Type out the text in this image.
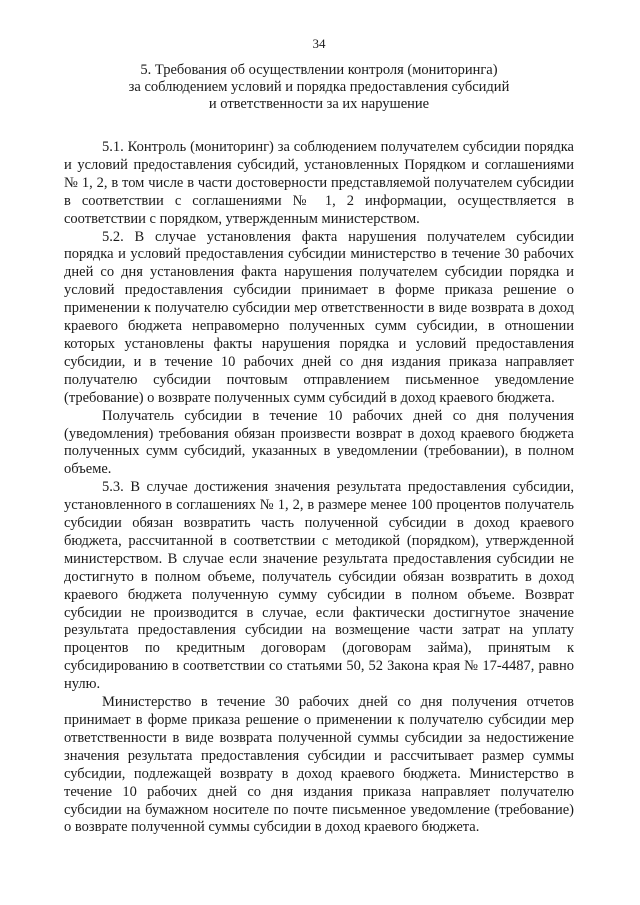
34
5. Требования об осуществлении контроля (мониторинга)
за соблюдением условий и порядка предоставления субсидий
и ответственности за их нарушение

5.1. Контроль (мониторинг) за соблюдением получателем субсидии порядка и условий предоставления субсидий, установленных Порядком и соглашениями № 1, 2, в том числе в части достоверности представляемой получателем субсидии в соответствии с соглашениями № 1, 2 информации, осуществляется в соответствии с порядком, утвержденным министерством.

5.2. В случае установления факта нарушения получателем субсидии порядка и условий предоставления субсидии министерство в течение 30 рабочих дней со дня установления факта нарушения получателем субсидии порядка и условий предоставления субсидии принимает в форме приказа решение о применении к получателю субсидии мер ответственности в виде возврата в доход краевого бюджета неправомерно полученных сумм субсидии, в отношении которых установлены факты нарушения порядка и условий предоставления субсидии, и в течение 10 рабочих дней со дня издания приказа направляет получателю субсидии почтовым отправлением письменное уведомление (требование) о возврате полученных сумм субсидий в доход краевого бюджета.

Получатель субсидии в течение 10 рабочих дней со дня получения (уведомления) требования обязан произвести возврат в доход краевого бюджета полученных сумм субсидий, указанных в уведомлении (требовании), в полном объеме.

5.3. В случае достижения значения результата предоставления субсидии, установленного в соглашениях № 1, 2, в размере менее 100 процентов получатель субсидии обязан возвратить часть полученной субсидии в доход краевого бюджета, рассчитанной в соответствии с методикой (порядком), утвержденной министерством. В случае если значение результата предоставления субсидии не достигнуто в полном объеме, получатель субсидии обязан возвратить в доход краевого бюджета полученную сумму субсидии в полном объеме. Возврат субсидии не производится в случае, если фактически достигнутое значение результата предоставления субсидии на возмещение части затрат на уплату процентов по кредитным договорам (договорам займа), принятым к субсидированию в соответствии со статьями 50, 52 Закона края № 17-4487, равно нулю.

Министерство в течение 30 рабочих дней со дня получения отчетов принимает в форме приказа решение о применении к получателю субсидии мер ответственности в виде возврата полученной суммы субсидии за недостижение значения результата предоставления субсидии и рассчитывает размер суммы субсидии, подлежащей возврату в доход краевого бюджета. Министерство в течение 10 рабочих дней со дня издания приказа направляет получателю субсидии на бумажном носителе по почте письменное уведомление (требование) о возврате полученной суммы субсидии в доход краевого бюджета.
